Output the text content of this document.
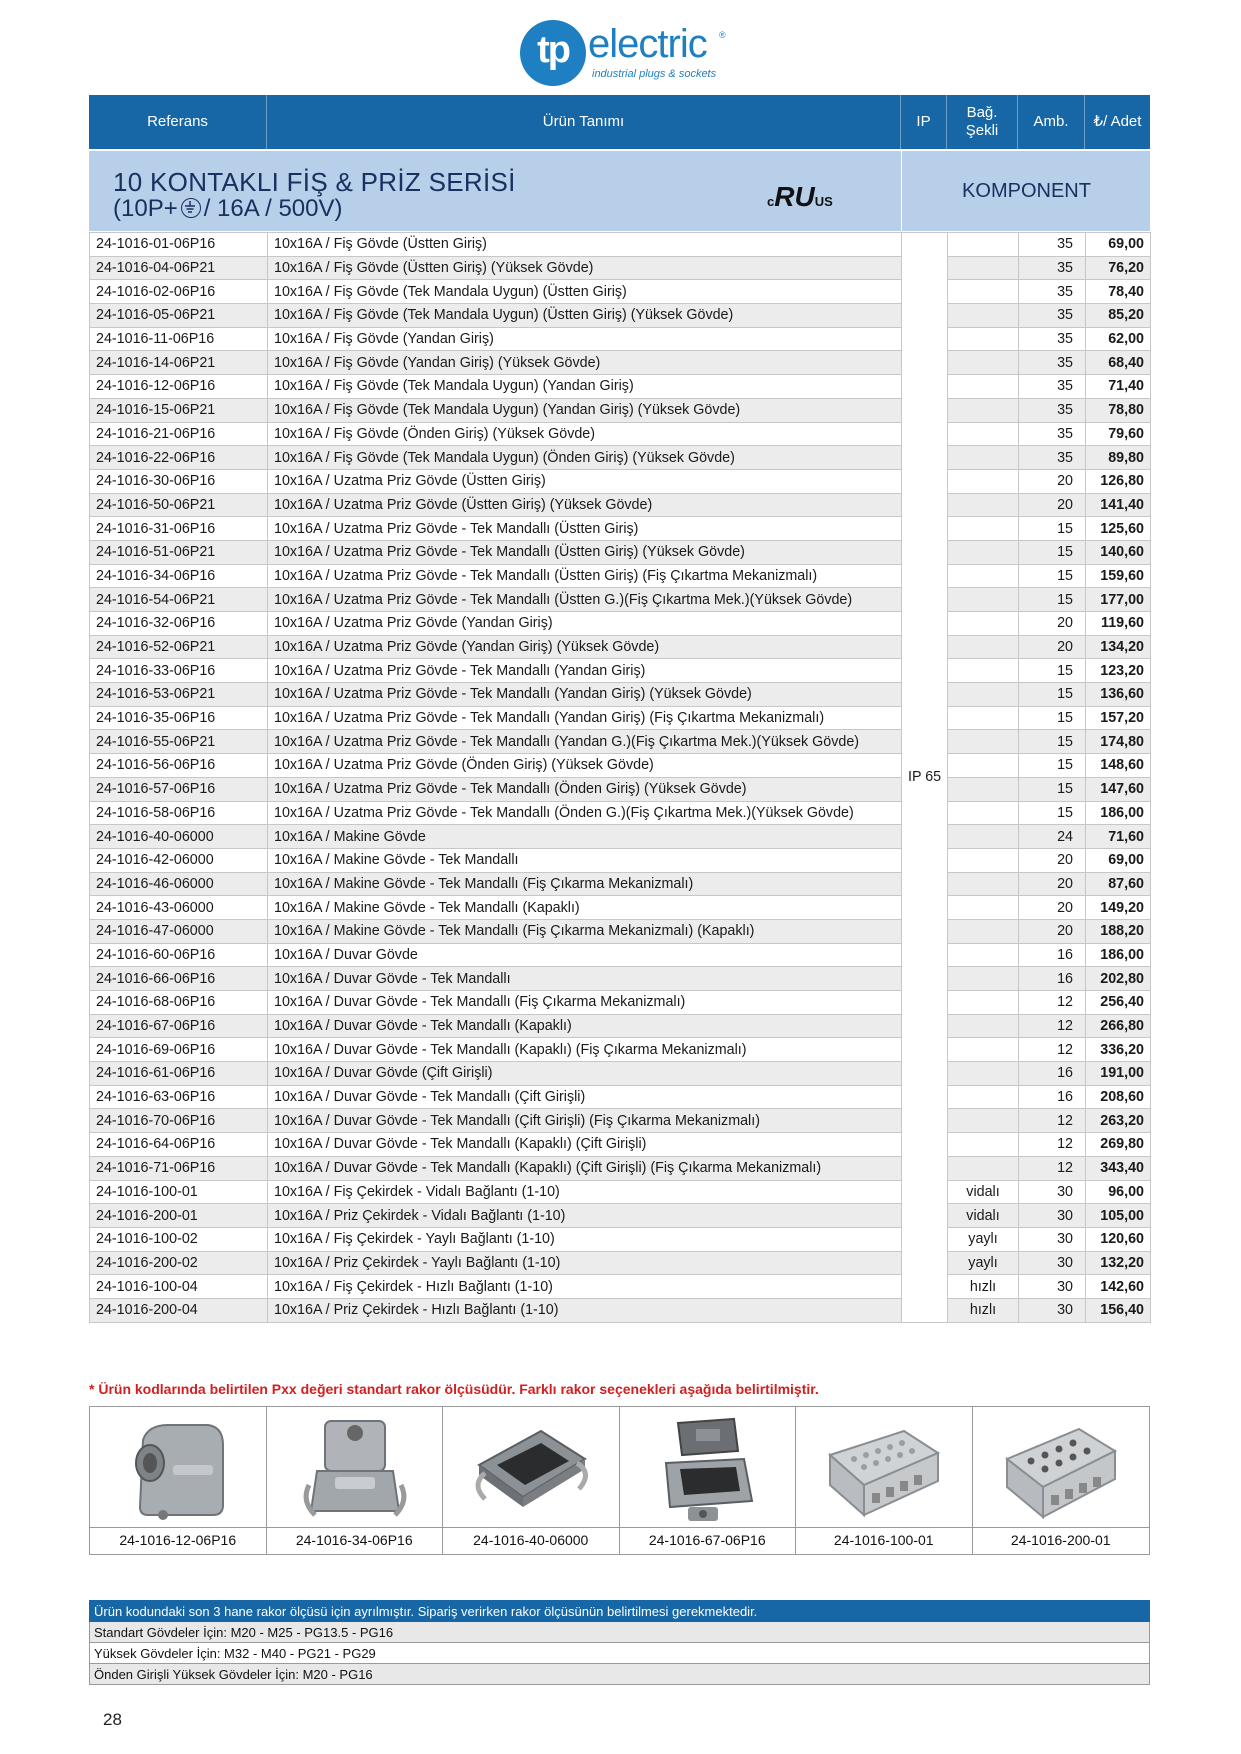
tp electric ®
industrial plugs & sockets
Referans	Ürün Tanımı	IP
Bağ.
Şekli
Amb.	₺/ Adet
10 KONTAKLI FİŞ & PRİZ SERİSİ
(10P+ / 16A / 500V)	cRUUS	KOMPONENT
24-1016-01-06P16	10x16A / Fiş Gövde (Üstten Giriş)	IP 65		35	69,00
24-1016-04-06P21	10x16A / Fiş Gövde (Üstten Giriş) (Yüksek Gövde)			35	76,20
24-1016-02-06P16	10x16A / Fiş Gövde (Tek Mandala Uygun) (Üstten Giriş)			35	78,40
24-1016-05-06P21	10x16A / Fiş Gövde (Tek Mandala Uygun) (Üstten Giriş) (Yüksek Gövde)			35	85,20
24-1016-11-06P16	10x16A / Fiş Gövde (Yandan Giriş)			35	62,00
24-1016-14-06P21	10x16A / Fiş Gövde (Yandan Giriş) (Yüksek Gövde)			35	68,40
24-1016-12-06P16	10x16A / Fiş Gövde (Tek Mandala Uygun) (Yandan Giriş)			35	71,40
24-1016-15-06P21	10x16A / Fiş Gövde (Tek Mandala Uygun) (Yandan Giriş) (Yüksek Gövde)			35	78,80
24-1016-21-06P16	10x16A / Fiş Gövde (Önden Giriş) (Yüksek Gövde)			35	79,60
24-1016-22-06P16	10x16A / Fiş Gövde (Tek Mandala Uygun) (Önden Giriş) (Yüksek Gövde)			35	89,80
24-1016-30-06P16	10x16A / Uzatma Priz Gövde (Üstten Giriş)			20	126,80
24-1016-50-06P21	10x16A / Uzatma Priz Gövde (Üstten Giriş) (Yüksek Gövde)			20	141,40
24-1016-31-06P16	10x16A / Uzatma Priz Gövde - Tek Mandallı (Üstten Giriş)			15	125,60
24-1016-51-06P21	10x16A / Uzatma Priz Gövde - Tek Mandallı (Üstten Giriş) (Yüksek Gövde)			15	140,60
24-1016-34-06P16	10x16A / Uzatma Priz Gövde - Tek Mandallı (Üstten Giriş) (Fiş Çıkartma Mekanizmalı)			15	159,60
24-1016-54-06P21	10x16A / Uzatma Priz Gövde - Tek Mandallı (Üstten G.)(Fiş Çıkartma Mek.)(Yüksek Gövde)			15	177,00
24-1016-32-06P16	10x16A / Uzatma Priz Gövde (Yandan Giriş)			20	119,60
24-1016-52-06P21	10x16A / Uzatma Priz Gövde (Yandan Giriş) (Yüksek Gövde)			20	134,20
24-1016-33-06P16	10x16A / Uzatma Priz Gövde - Tek Mandallı (Yandan Giriş)			15	123,20
24-1016-53-06P21	10x16A / Uzatma Priz Gövde - Tek Mandallı (Yandan Giriş) (Yüksek Gövde)			15	136,60
24-1016-35-06P16	10x16A / Uzatma Priz Gövde - Tek Mandallı (Yandan Giriş) (Fiş Çıkartma Mekanizmalı)			15	157,20
24-1016-55-06P21	10x16A / Uzatma Priz Gövde - Tek Mandallı (Yandan G.)(Fiş Çıkartma Mek.)(Yüksek Gövde)			15	174,80
24-1016-56-06P16	10x16A / Uzatma Priz Gövde (Önden Giriş) (Yüksek Gövde)			15	148,60
24-1016-57-06P16	10x16A / Uzatma Priz Gövde - Tek Mandallı (Önden Giriş) (Yüksek Gövde)			15	147,60
24-1016-58-06P16	10x16A / Uzatma Priz Gövde - Tek Mandallı (Önden G.)(Fiş Çıkartma Mek.)(Yüksek Gövde)			15	186,00
24-1016-40-06000	10x16A / Makine Gövde			24	71,60
24-1016-42-06000	10x16A / Makine Gövde - Tek Mandallı			20	69,00
24-1016-46-06000	10x16A / Makine Gövde - Tek Mandallı (Fiş Çıkarma Mekanizmalı)			20	87,60
24-1016-43-06000	10x16A / Makine Gövde - Tek Mandallı (Kapaklı)			20	149,20
24-1016-47-06000	10x16A / Makine Gövde - Tek Mandallı (Fiş Çıkarma Mekanizmalı) (Kapaklı)			20	188,20
24-1016-60-06P16	10x16A / Duvar Gövde			16	186,00
24-1016-66-06P16	10x16A / Duvar Gövde - Tek Mandallı			16	202,80
24-1016-68-06P16	10x16A / Duvar Gövde - Tek Mandallı (Fiş Çıkarma Mekanizmalı)			12	256,40
24-1016-67-06P16	10x16A / Duvar Gövde - Tek Mandallı (Kapaklı)			12	266,80
24-1016-69-06P16	10x16A / Duvar Gövde - Tek Mandallı (Kapaklı) (Fiş Çıkarma Mekanizmalı)			12	336,20
24-1016-61-06P16	10x16A / Duvar Gövde (Çift Girişli)			16	191,00
24-1016-63-06P16	10x16A / Duvar Gövde - Tek Mandallı (Çift Girişli)			16	208,60
24-1016-70-06P16	10x16A / Duvar Gövde - Tek Mandallı (Çift Girişli) (Fiş Çıkarma Mekanizmalı)			12	263,20
24-1016-64-06P16	10x16A / Duvar Gövde - Tek Mandallı (Kapaklı) (Çift Girişli)			12	269,80
24-1016-71-06P16	10x16A / Duvar Gövde - Tek Mandallı (Kapaklı) (Çift Girişli) (Fiş Çıkarma Mekanizmalı)			12	343,40
24-1016-100-01	10x16A / Fiş Çekirdek - Vidalı Bağlantı (1-10)		vidalı	30	96,00
24-1016-200-01	10x16A / Priz Çekirdek - Vidalı Bağlantı (1-10)		vidalı	30	105,00
24-1016-100-02	10x16A / Fiş Çekirdek - Yaylı Bağlantı (1-10)		yaylı	30	120,60
24-1016-200-02	10x16A / Priz Çekirdek - Yaylı Bağlantı (1-10)		yaylı	30	132,20
24-1016-100-04	10x16A / Fiş Çekirdek - Hızlı Bağlantı (1-10)		hızlı	30	142,60
24-1016-200-04	10x16A / Priz Çekirdek - Hızlı Bağlantı (1-10)		hızlı	30	156,40
* Ürün kodlarında belirtilen Pxx değeri standart rakor ölçüsüdür. Farklı rakor seçenekleri aşağıda belirtilmiştir.
24-1016-12-06P16	24-1016-34-06P16	24-1016-40-06000	24-1016-67-06P16	24-1016-100-01	24-1016-200-01
Ürün kodundaki son 3 hane rakor ölçüsü için ayrılmıştır. Sipariş verirken rakor ölçüsünün belirtilmesi gerekmektedir.
Standart Gövdeler İçin: M20 - M25 - PG13.5 - PG16
Yüksek Gövdeler İçin: M32 - M40 - PG21 - PG29
Önden Girişli Yüksek Gövdeler İçin: M20 - PG16
28
